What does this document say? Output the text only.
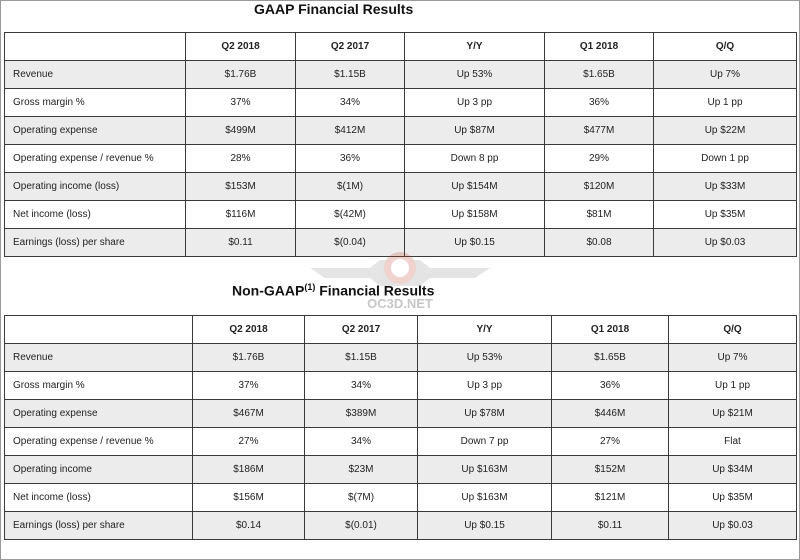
GAAP Financial Results
	Q2 2018	Q2 2017	Y/Y	Q1 2018	Q/Q
Revenue	$1.76B	$1.15B	Up 53%	$1.65B	Up 7%
Gross margin %	37%	34%	Up 3 pp	36%	Up 1 pp
Operating expense	$499M	$412M	Up $87M	$477M	Up $22M
Operating expense / revenue %	28%	36%	Down 8 pp	29%	Down 1 pp
Operating income (loss)	$153M	$(1M)	Up $154M	$120M	Up $33M
Net income (loss)	$116M	$(42M)	Up $158M	$81M	Up $35M
Earnings (loss) per share	$0.11	$(0.04)	Up $0.15	$0.08	Up $0.03
Non-GAAP$^{(1)}$ Financial Results
	Q2 2018	Q2 2017	Y/Y	Q1 2018	Q/Q
Revenue	$1.76B	$1.15B	Up 53%	$1.65B	Up 7%
Gross margin %	37%	34%	Up 3 pp	36%	Up 1 pp
Operating expense	$467M	$389M	Up $78M	$446M	Up $21M
Operating expense / revenue %	27%	34%	Down 7 pp	27%	Flat
Operating income	$186M	$23M	Up $163M	$152M	Up $34M
Net income (loss)	$156M	$(7M)	Up $163M	$121M	Up $35M
Earnings (loss) per share	$0.14	$(0.01)	Up $0.15	$0.11	Up $0.03
OC3D.NET
